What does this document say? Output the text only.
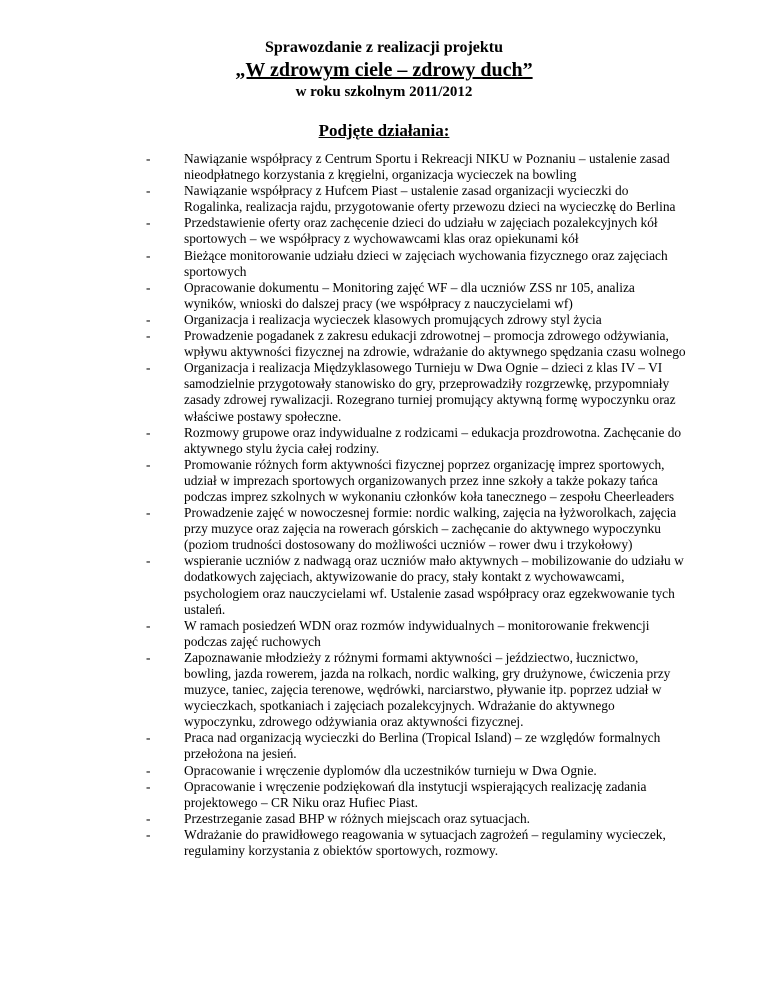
Sprawozdanie z realizacji projektu
„W zdrowym ciele – zdrowy duch”
w roku szkolnym 2011/2012
Podjęte działania:
-	Nawiązanie współpracy z Centrum Sportu i Rekreacji NIKU w Poznaniu – ustalenie zasad nieodpłatnego korzystania z kręgielni, organizacja wycieczek na bowling
-	Nawiązanie współpracy z Hufcem Piast – ustalenie zasad organizacji wycieczki do Rogalinka, realizacja rajdu, przygotowanie oferty przewozu dzieci na wycieczkę do Berlina
-	Przedstawienie oferty oraz zachęcenie dzieci do udziału w zajęciach pozalekcyjnych kół sportowych – we współpracy z wychowawcami klas oraz opiekunami kół
-	Bieżące monitorowanie udziału dzieci w zajęciach wychowania fizycznego oraz zajęciach sportowych
-	Opracowanie dokumentu – Monitoring zajęć WF – dla uczniów ZSS nr 105, analiza wyników, wnioski do dalszej pracy (we współpracy z nauczycielami wf)
-	Organizacja i realizacja wycieczek klasowych promujących zdrowy styl życia
-	Prowadzenie pogadanek z zakresu edukacji zdrowotnej – promocja zdrowego odżywiania, wpływu aktywności fizycznej na zdrowie, wdrażanie do aktywnego spędzania czasu wolnego
-	Organizacja i realizacja Międzyklasowego Turnieju w Dwa Ognie – dzieci z klas IV – VI samodzielnie przygotowały stanowisko do gry, przeprowadziły rozgrzewkę, przypomniały zasady zdrowej rywalizacji. Rozegrano turniej promujący aktywną formę wypoczynku oraz właściwe postawy społeczne.
-	Rozmowy grupowe oraz indywidualne z rodzicami – edukacja prozdrowotna. Zachęcanie do aktywnego stylu życia całej rodziny.
-	Promowanie różnych form aktywności fizycznej poprzez organizację imprez sportowych, udział w imprezach sportowych organizowanych przez inne szkoły a także pokazy tańca podczas imprez szkolnych w wykonaniu członków koła tanecznego – zespołu Cheerleaders
-	Prowadzenie zajęć w nowoczesnej formie: nordic walking, zajęcia na łyżworolkach, zajęcia przy muzyce oraz zajęcia na rowerach górskich – zachęcanie do aktywnego wypoczynku (poziom trudności dostosowany do możliwości uczniów – rower dwu i trzykołowy)
-	wspieranie uczniów z nadwagą oraz uczniów mało aktywnych – mobilizowanie do udziału w dodatkowych zajęciach, aktywizowanie do pracy, stały kontakt z wychowawcami, psychologiem oraz nauczycielami wf. Ustalenie zasad współpracy oraz egzekwowanie tych ustaleń.
-	W ramach posiedzeń WDN oraz rozmów indywidualnych – monitorowanie frekwencji podczas zajęć ruchowych
-	Zapoznawanie młodzieży z różnymi formami aktywności – jeździectwo, łucznictwo, bowling, jazda rowerem, jazda na rolkach, nordic walking, gry drużynowe, ćwiczenia przy muzyce, taniec, zajęcia terenowe, wędrówki, narciarstwo, pływanie itp. poprzez udział w wycieczkach, spotkaniach i zajęciach pozalekcyjnych. Wdrażanie do aktywnego wypoczynku, zdrowego odżywiania oraz aktywności fizycznej.
-	Praca nad organizacją wycieczki do Berlina (Tropical Island) – ze względów formalnych przełożona na jesień.
-	Opracowanie i wręczenie dyplomów dla uczestników turnieju w Dwa Ognie.
-	Opracowanie i wręczenie podziękowań dla instytucji wspierających realizację zadania projektowego – CR Niku oraz Hufiec Piast.
-	Przestrzeganie zasad BHP w różnych miejscach oraz sytuacjach.
-	Wdrażanie do prawidłowego reagowania w sytuacjach zagrożeń – regulaminy wycieczek, regulaminy korzystania z obiektów sportowych, rozmowy.
